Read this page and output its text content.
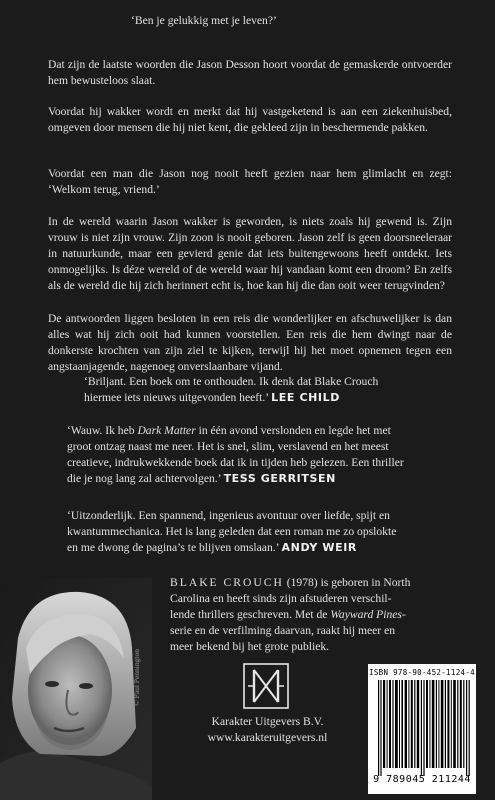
‘Ben je gelukkig met je leven?’
Dat zijn de laatste woorden die Jason Desson hoort voordat de gemaskerde ontvoerder hem bewusteloos slaat.
Voordat hij wakker wordt en merkt dat hij vastgeketend is aan een ziekenhuisbed, omgeven door mensen die hij niet kent, die gekleed zijn in beschermende pakken.
Voordat een man die Jason nog nooit heeft gezien naar hem glimlacht en zegt: ‘Welkom terug, vriend.’
In de wereld waarin Jason wakker is geworden, is niets zoals hij gewend is. Zijn vrouw is niet zijn vrouw. Zijn zoon is nooit geboren. Jason zelf is geen doorsneeleraar in natuurkunde, maar een gevierd genie dat iets buitengewoons heeft ontdekt. Iets onmogelijks. Is déze wereld of de wereld waar hij vandaan komt een droom? En zelfs als de wereld die hij zich herinnert echt is, hoe kan hij die dan ooit weer terugvinden?
De antwoorden liggen besloten in een reis die wonderlijker en afschuwelijker is dan alles wat hij zich ooit had kunnen voorstellen. Een reis die hem dwingt naar de donkerste krochten van zijn ziel te kijken, terwijl hij het moet opnemen tegen een angstaanjagende, nagenoeg onverslaanbare vijand.
‘Briljant. Een boek om te onthouden. Ik denk dat Blake Crouch
hiermee iets nieuws uitgevonden heeft.’ LEE CHILD
‘Wauw. Ik heb Dark Matter in één avond verslonden en legde het met
groot ontzag naast me neer. Het is snel, slim, verslavend en het meest
creatieve, indrukwekkende boek dat ik in tijden heb gelezen. Een thriller
die je nog lang zal achtervolgen.’ TESS GERRITSEN
‘Uitzonderlijk. Een spannend, ingenieus avontuur over liefde, spijt en
kwantummechanica. Het is lang geleden dat een roman me zo opslokte
en me dwong de pagina’s te blijven omslaan.’ ANDY WEIR
© Paul Pennington
BLAKE CROUCH (1978) is geboren in North
Carolina en heeft sinds zijn afstuderen verschil-
lende thrillers geschreven. Met de Wayward Pines-
serie en de verfilming daarvan, raakt hij meer en
meer bekend bij het grote publiek.
Karakter Uitgevers B.V.
www.karakteruitgevers.nl
ISBN 978-90-452-1124-4
9 789045 211244
